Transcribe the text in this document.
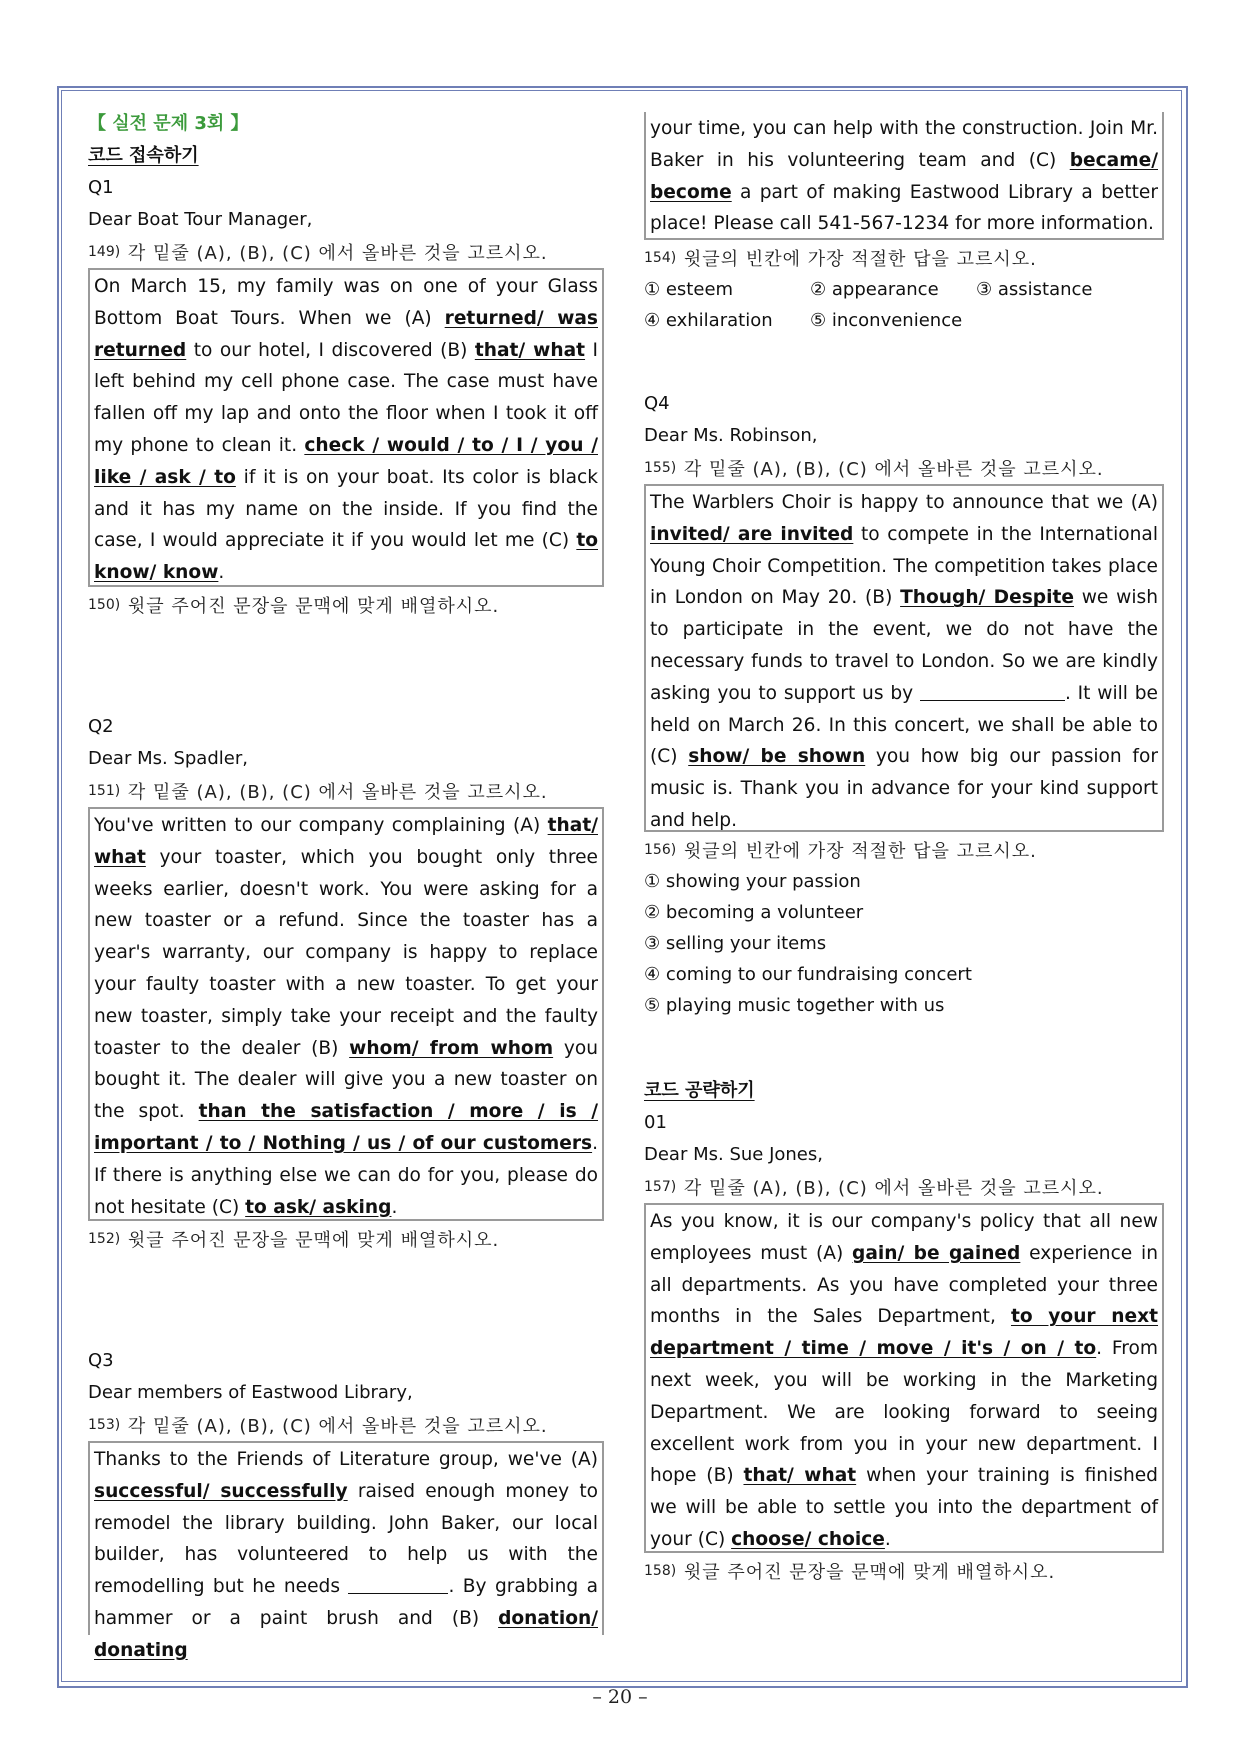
【 실전 문제 3회 】
코드 접속하기
Q1
Dear Boat Tour Manager,
149) 각 밑줄 (A), (B), (C) 에서 올바른 것을 고르시오.
On March 15, my family was on one of your Glass Bottom Boat Tours. When we (A) returned/ was returned to our hotel, I discovered (B) that/ what I left behind my cell phone case. The case must have fallen off my lap and onto the floor when I took it off my phone to clean it. check / would / to / I / you / like / ask / to if it is on your boat. Its color is black and it has my name on the inside. If you find the case, I would appreciate it if you would let me (C) to know/ know.
150) 윗글 주어진 문장을 문맥에 맞게 배열하시오.
Q2
Dear Ms. Spadler,
151) 각 밑줄 (A), (B), (C) 에서 올바른 것을 고르시오.
You've written to our company complaining (A) that/ what your toaster, which you bought only three weeks earlier, doesn't work. You were asking for a new toaster or a refund. Since the toaster has a year's warranty, our company is happy to replace your faulty toaster with a new toaster. To get your new toaster, simply take your receipt and the faulty toaster to the dealer (B) whom/ from whom you bought it. The dealer will give you a new toaster on the spot. than the satisfaction / more / is / important / to / Nothing / us / of our customers. If there is anything else we can do for you, please do not hesitate (C) to ask/ asking.
152) 윗글 주어진 문장을 문맥에 맞게 배열하시오.
Q3
Dear members of Eastwood Library,
153) 각 밑줄 (A), (B), (C) 에서 올바른 것을 고르시오.
Thanks to the Friends of Literature group, we've (A) successful/ successfully raised enough money to remodel the library building. John Baker, our local builder, has volunteered to help us with the remodelling but he needs	. By grabbing a hammer or a paint brush and (B) donation/ donating
your time, you can help with the construction. Join Mr. Baker in his volunteering team and (C) became/ become a part of making Eastwood Library a better place! Please call 541-567-1234 for more information.
154) 윗글의 빈칸에 가장 적절한 답을 고르시오.
① esteem	② appearance ③ assistance
④ exhilaration ⑤ inconvenience
Q4
Dear Ms. Robinson,
155) 각 밑줄 (A), (B), (C) 에서 올바른 것을 고르시오.
The Warblers Choir is happy to announce that we (A) invited/ are invited to compete in the International Young Choir Competition. The competition takes place in London on May 20. (B) Though/ Despite we wish to participate in the event, we do not have the necessary funds to travel to London. So we are kindly asking you to support us by	. It will be held on March 26. In this concert, we shall be able to (C) show/ be shown you how big our passion for music is. Thank you in advance for your kind support and help.
156) 윗글의 빈칸에 가장 적절한 답을 고르시오.
① showing your passion
② becoming a volunteer
③ selling your items
④ coming to our fundraising concert
⑤ playing music together with us
코드 공략하기
01
Dear Ms. Sue Jones,
157) 각 밑줄 (A), (B), (C) 에서 올바른 것을 고르시오.
As you know, it is our company's policy that all new employees must (A) gain/ be gained experience in all departments. As you have completed your three months in the Sales Department, to your next department / time / move / it's / on / to. From next week, you will be working in the Marketing Department. We are looking forward to seeing excellent work from you in your new department. I hope (B) that/ what when your training is finished we will be able to settle you into the department of your (C) choose/ choice.
158) 윗글 주어진 문장을 문맥에 맞게 배열하시오.
– 20 –
